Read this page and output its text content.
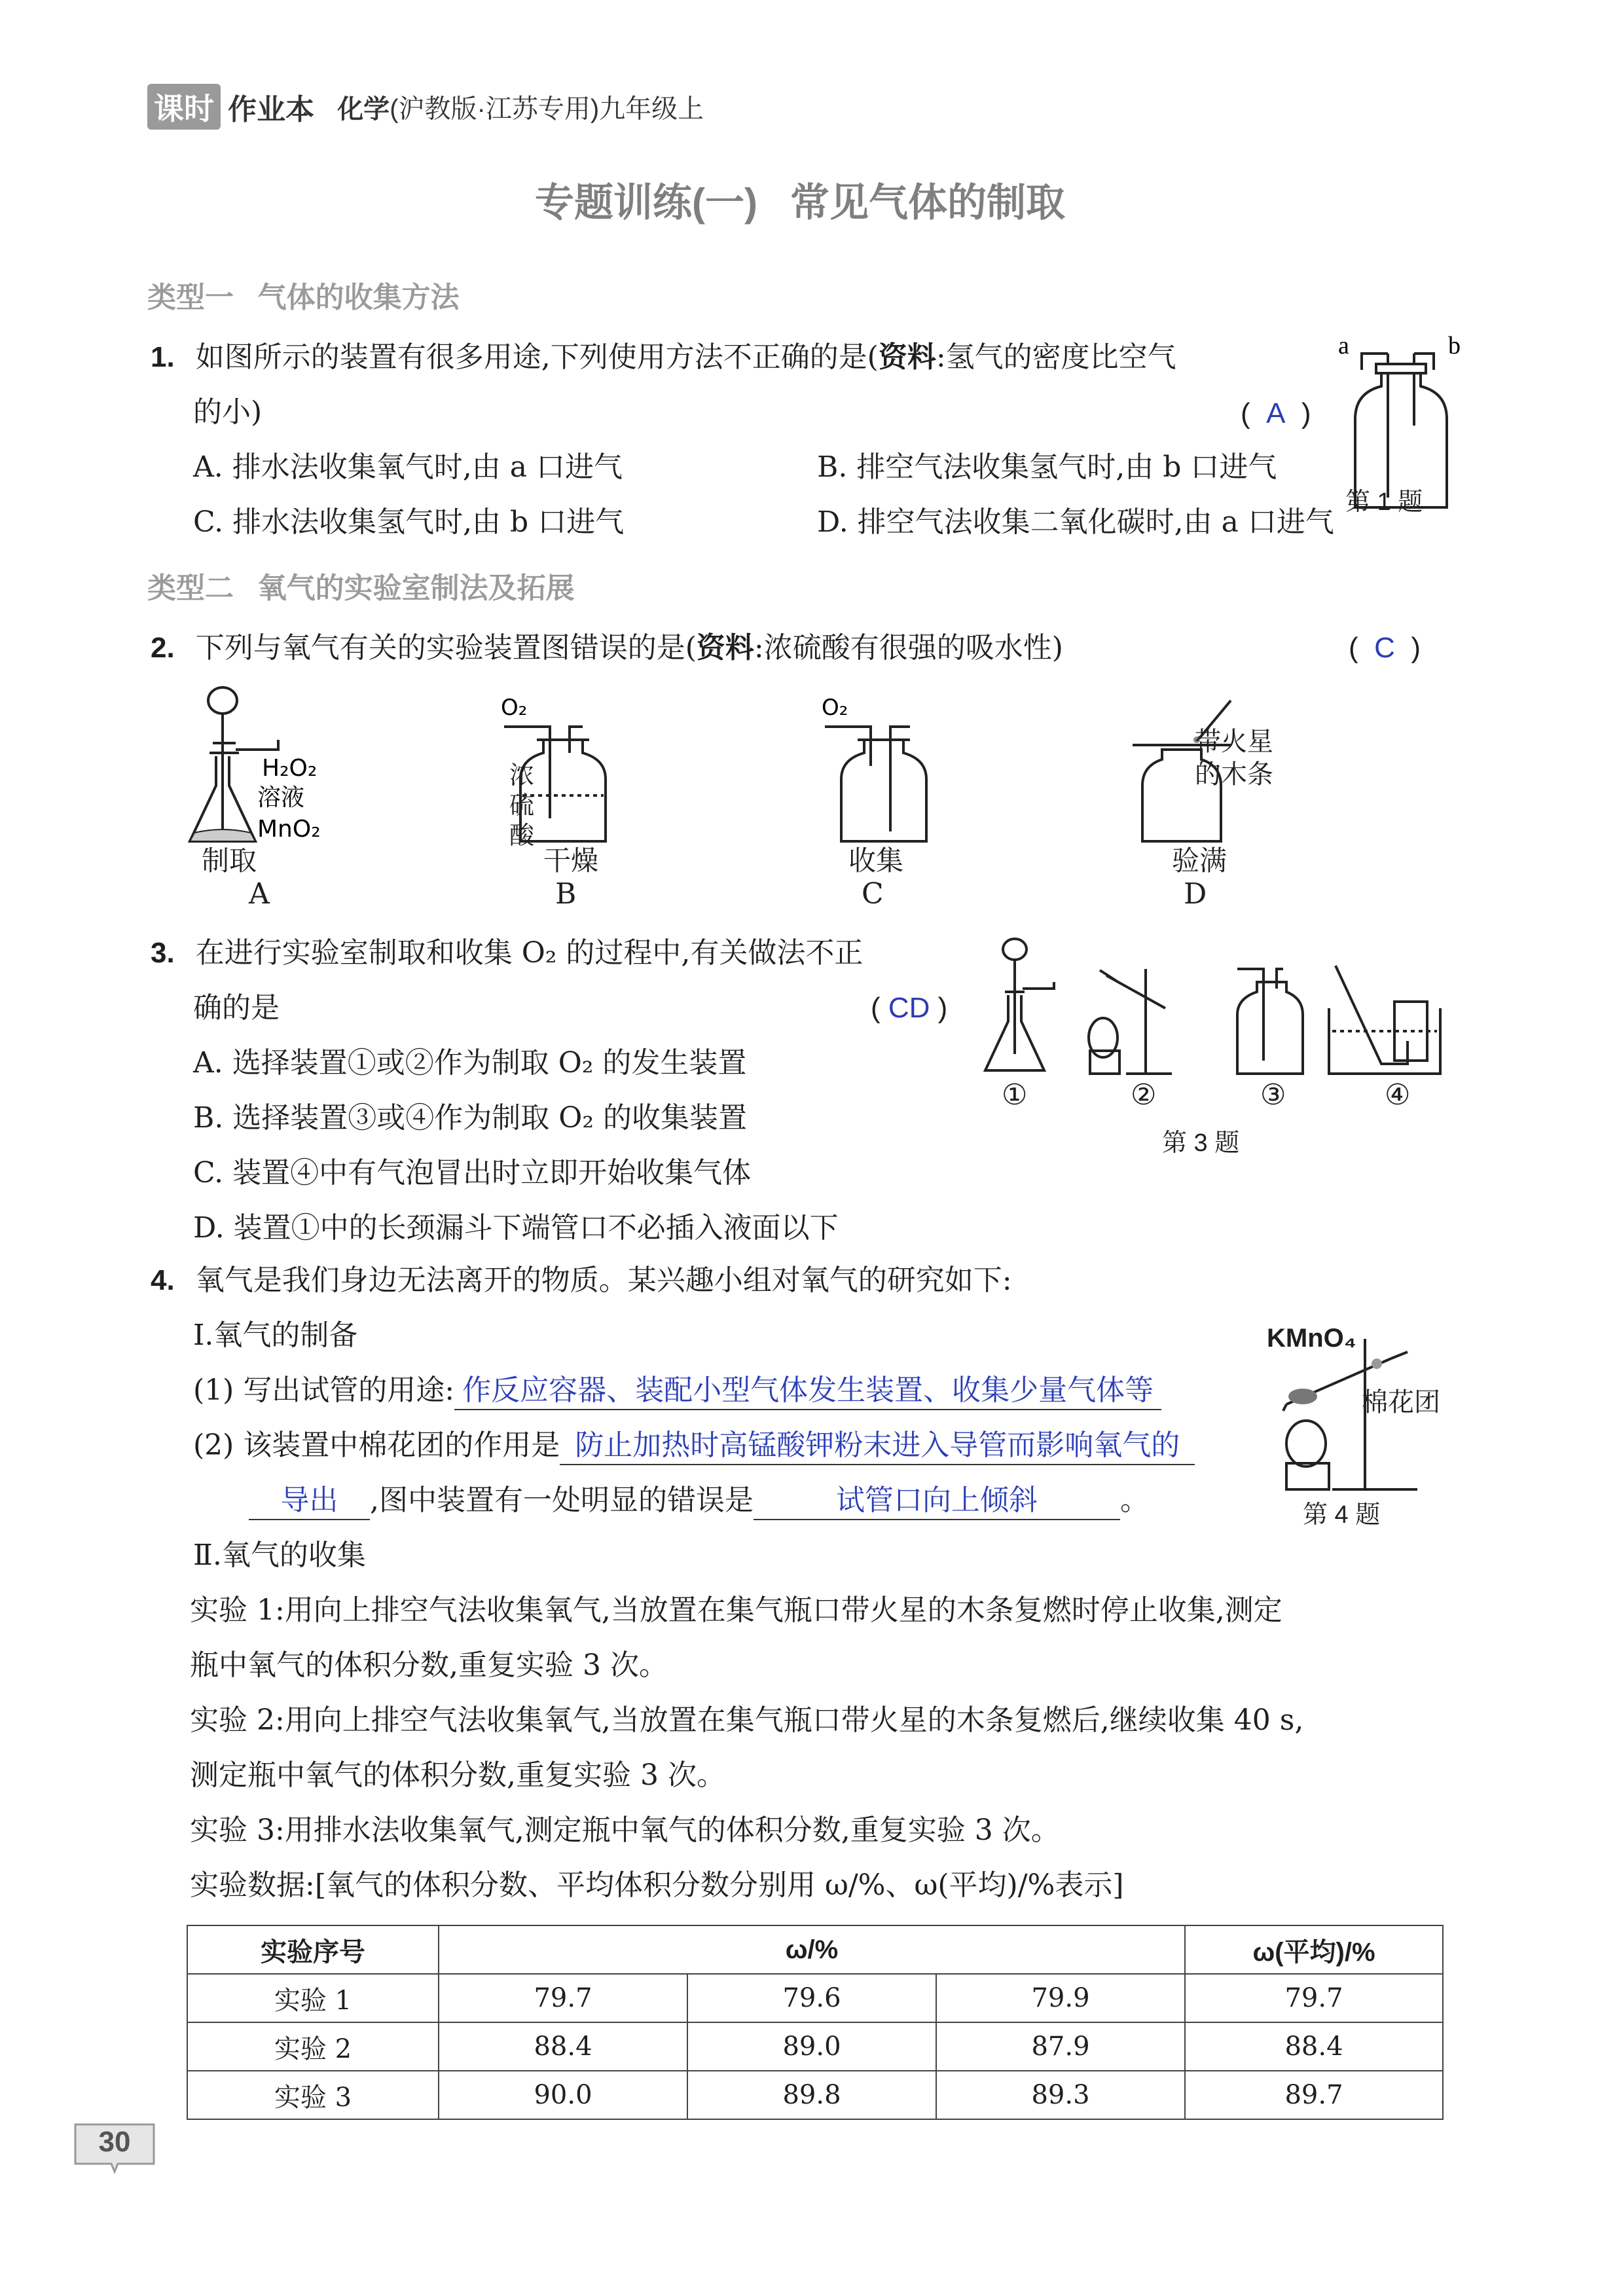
课时 作业本 化学(沪教版·江苏专用)九年级上
专题训练(一)   常见气体的制取
类型一   气体的收集方法
1. 如图所示的装置有很多用途,下列使用方法不正确的是(资料:氢气的密度比空气
的小)	(  A  )
A. 排水法收集氧气时,由 a 口进气	B. 排空气法收集氢气时,由 b 口进气
C. 排水法收集氢气时,由 b 口进气	D. 排空气法收集二氧化碳时,由 a 口进气
a	b
第 1 题
类型二   氧气的实验室制法及拓展
2. 下列与氧气有关的实验装置图错误的是(资料:浓硫酸有很强的吸水性)	(  C  )
H₂O₂
溶液
MnO₂
制取
A
O₂
浓
硫
酸
干燥
B
O₂
收集
C
带火星
的木条
验满
D
3. 在进行实验室制取和收集 O₂ 的过程中,有关做法不正
确的是	( CD )
A. 选择装置①或②作为制取 O₂ 的发生装置
B. 选择装置③或④作为制取 O₂ 的收集装置
C. 装置④中有气泡冒出时立即开始收集气体
D. 装置①中的长颈漏斗下端管口不必插入液面以下
①	②	③	④
第 3 题
4. 氧气是我们身边无法离开的物质。某兴趣小组对氧气的研究如下:
Ⅰ.氧气的制备
(1) 写出试管的用途: 作反应容器、装配小型气体发生装置、收集少量气体等
(2) 该装置中棉花团的作用是 防止加热时高锰酸钾粉末进入导管而影响氧气的
导出 ,图中装置有一处明显的错误是	试管口向上倾斜	。
KMnO₄
棉花团
第 4 题
Ⅱ.氧气的收集
实验 1:用向上排空气法收集氧气,当放置在集气瓶口带火星的木条复燃时停止收集,测定
瓶中氧气的体积分数,重复实验 3 次。
实验 2:用向上排空气法收集氧气,当放置在集气瓶口带火星的木条复燃后,继续收集 40 s,
测定瓶中氧气的体积分数,重复实验 3 次。
实验 3:用排水法收集氧气,测定瓶中氧气的体积分数,重复实验 3 次。
实验数据:[氧气的体积分数、平均体积分数分别用 ω/%、ω(平均)/%表示]
实验序号	ω/%			ω(平均)/%
实验 1	79.7	79.6	79.9	79.7
实验 2	88.4	89.0	87.9	88.4
实验 3	90.0	89.8	89.3	89.7
30
